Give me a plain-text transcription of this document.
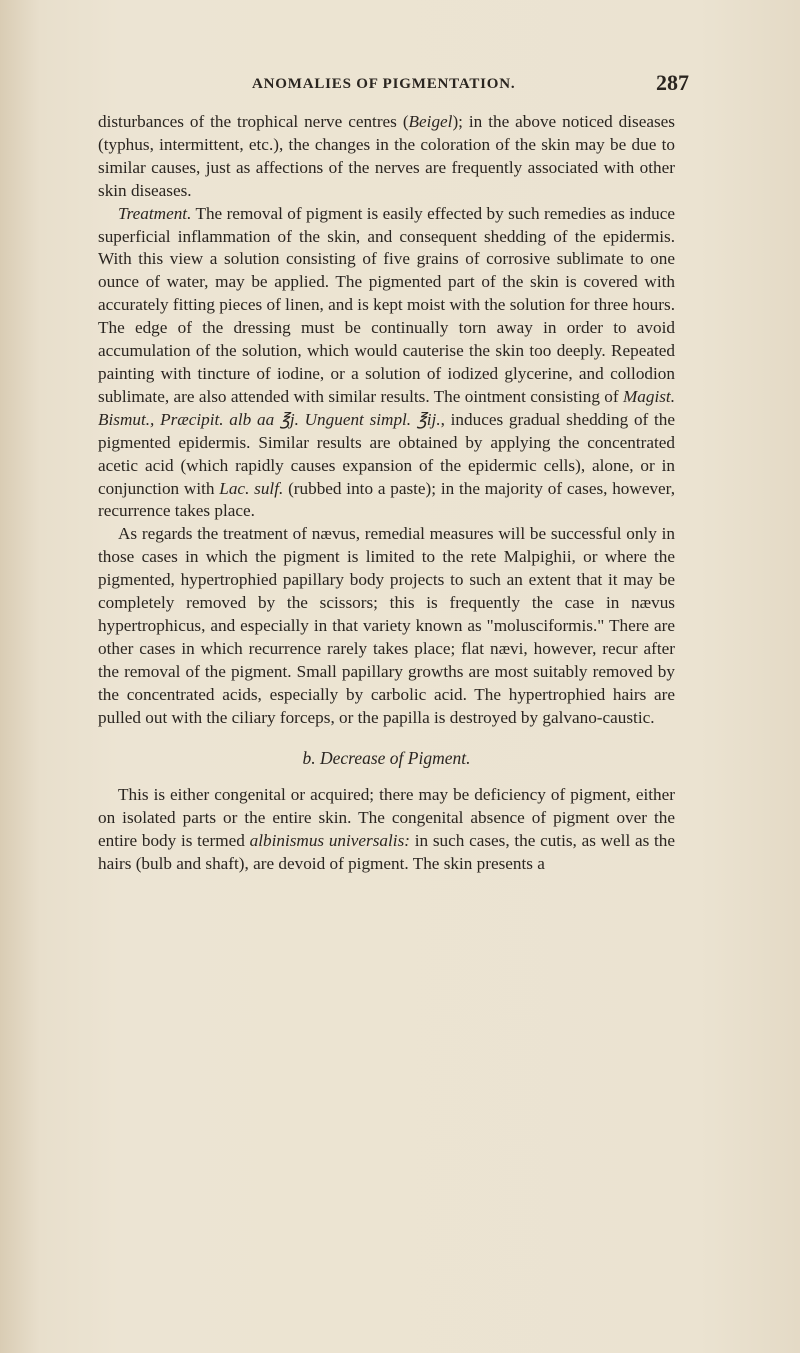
ANOMALIES OF PIGMENTATION.	287

disturbances of the trophical nerve centres (Beigel); in the above noticed diseases (typhus, intermittent, etc.), the changes in the coloration of the skin may be due to similar causes, just as affections of the nerves are frequently associated with other skin diseases.

Treatment. The removal of pigment is easily effected by such remedies as induce superficial inflammation of the skin, and consequent shedding of the epidermis. With this view a solution consisting of five grains of corrosive sublimate to one ounce of water, may be applied. The pigmented part of the skin is covered with accurately fitting pieces of linen, and is kept moist with the solution for three hours. The edge of the dressing must be continually torn away in order to avoid accumulation of the solution, which would cauterise the skin too deeply. Repeated painting with tincture of iodine, or a solution of iodized glycerine, and collodion sublimate, are also attended with similar results. The ointment consisting of Magist. Bismut., Præcipit. alb aa ℥j. Unguent simpl. ℥ij., induces gradual shedding of the pigmented epidermis. Similar results are obtained by applying the concentrated acetic acid (which rapidly causes expansion of the epidermic cells), alone, or in conjunction with Lac. sulf. (rubbed into a paste); in the majority of cases, however, recurrence takes place.

As regards the treatment of nævus, remedial measures will be successful only in those cases in which the pigment is limited to the rete Malpighii, or where the pigmented, hypertrophied papillary body projects to such an extent that it may be completely removed by the scissors; this is frequently the case in nævus hypertrophicus, and especially in that variety known as "molusciformis." There are other cases in which recurrence rarely takes place; flat nævi, however, recur after the removal of the pigment. Small papillary growths are most suitably removed by the concentrated acids, especially by carbolic acid. The hypertrophied hairs are pulled out with the ciliary forceps, or the papilla is destroyed by galvano-caustic.

b. Decrease of Pigment.

This is either congenital or acquired; there may be deficiency of pigment, either on isolated parts or the entire skin. The congenital absence of pigment over the entire body is termed albinismus universalis: in such cases, the cutis, as well as the hairs (bulb and shaft), are devoid of pigment. The skin presents a
